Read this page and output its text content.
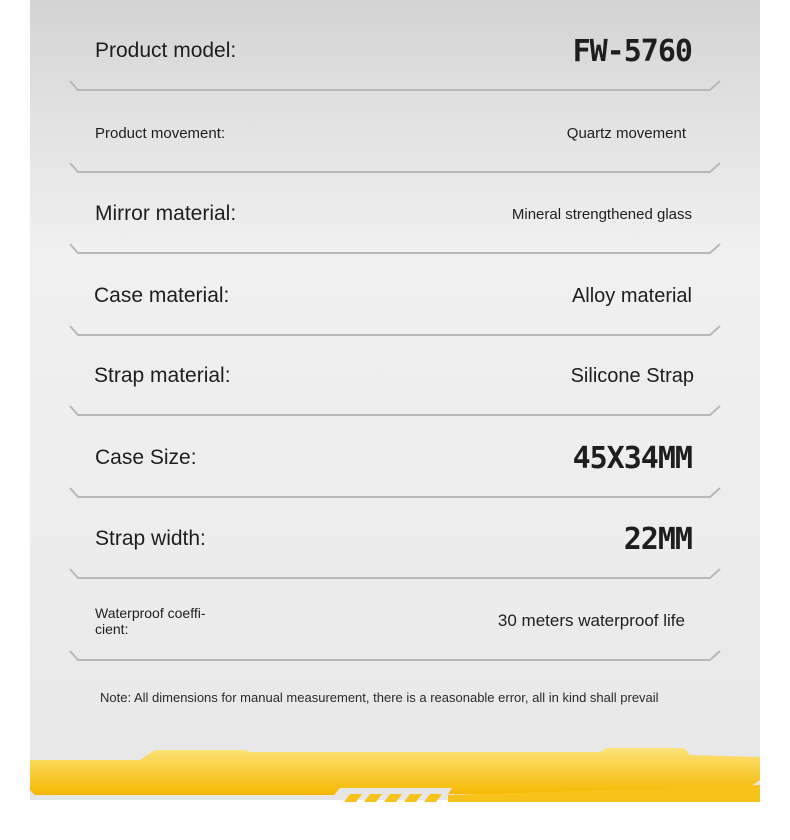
Product model:	FW-5760
Product movement:	Quartz movement
Mirror material:	Mineral strengthened glass
Case material:	Alloy material
Strap material:	Silicone Strap
Case Size:	45X34MM
Strap width:	22MM
Waterproof coeffi-cient:	30 meters waterproof life
Note: All dimensions for manual measurement, there is a reasonable error, all in kind shall prevail
